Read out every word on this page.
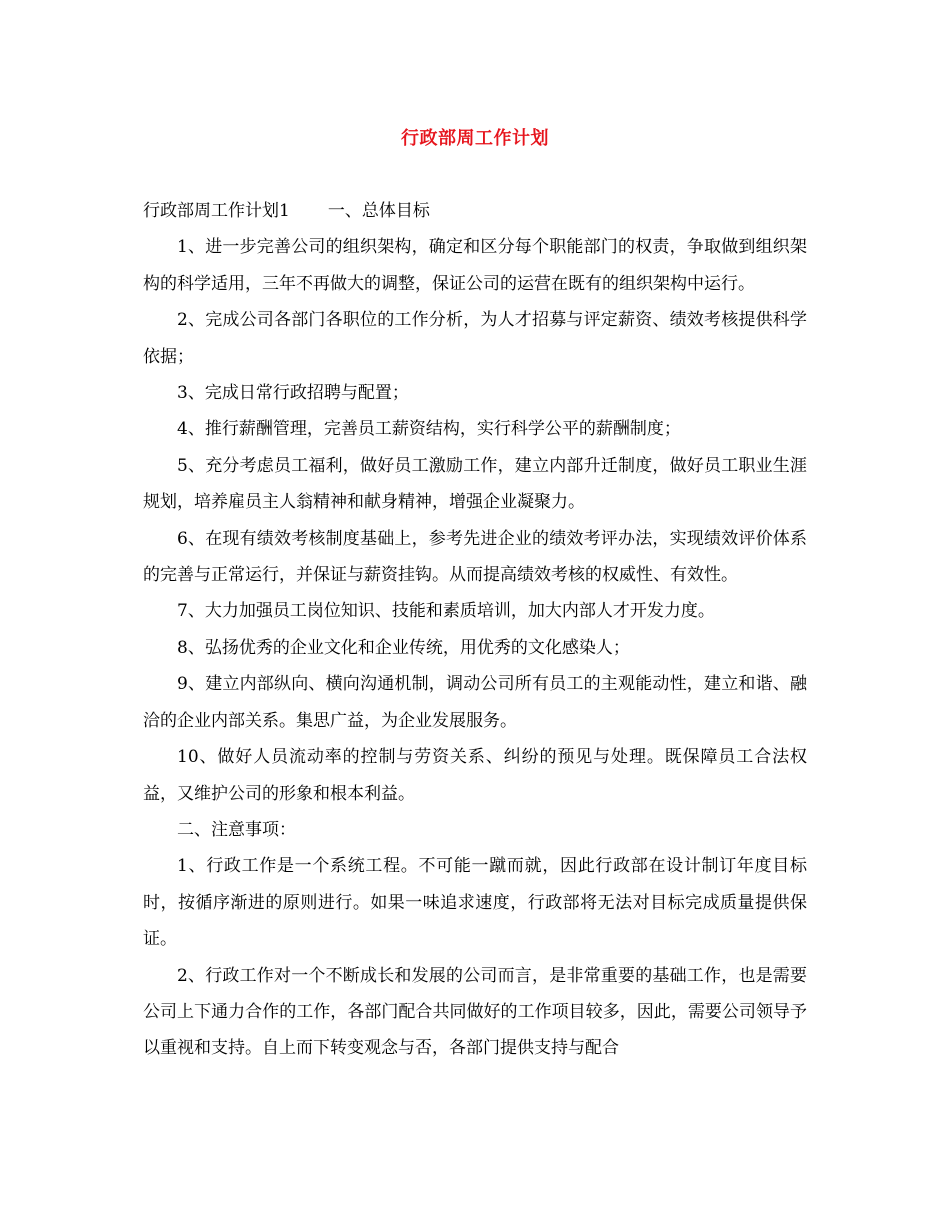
行政部周工作计划
行政部周工作计划1 一、总体目标

1、进一步完善公司的组织架构，确定和区分每个职能部门的权责，争取做到组织架构的科学适用，三年不再做大的调整，保证公司的运营在既有的组织架构中运行。

2、完成公司各部门各职位的工作分析，为人才招募与评定薪资、绩效考核提供科学依据；

3、完成日常行政招聘与配置；

4、推行薪酬管理，完善员工薪资结构，实行科学公平的薪酬制度；

5、充分考虑员工福利，做好员工激励工作，建立内部升迁制度，做好员工职业生涯规划，培养雇员主人翁精神和献身精神，增强企业凝聚力。

6、在现有绩效考核制度基础上，参考先进企业的绩效考评办法，实现绩效评价体系的完善与正常运行，并保证与薪资挂钩。从而提高绩效考核的权威性、有效性。

7、大力加强员工岗位知识、技能和素质培训，加大内部人才开发力度。

8、弘扬优秀的企业文化和企业传统，用优秀的文化感染人；

9、建立内部纵向、横向沟通机制，调动公司所有员工的主观能动性，建立和谐、融洽的企业内部关系。集思广益，为企业发展服务。

10、做好人员流动率的控制与劳资关系、纠纷的预见与处理。既保障员工合法权益，又维护公司的形象和根本利益。

二、注意事项：

1、行政工作是一个系统工程。不可能一蹴而就，因此行政部在设计制订年度目标时，按循序渐进的原则进行。如果一味追求速度，行政部将无法对目标完成质量提供保证。

2、行政工作对一个不断成长和发展的公司而言，是非常重要的基础工作，也是需要公司上下通力合作的工作，各部门配合共同做好的工作项目较多，因此，需要公司领导予以重视和支持。自上而下转变观念与否，各部门提供支持与配合
